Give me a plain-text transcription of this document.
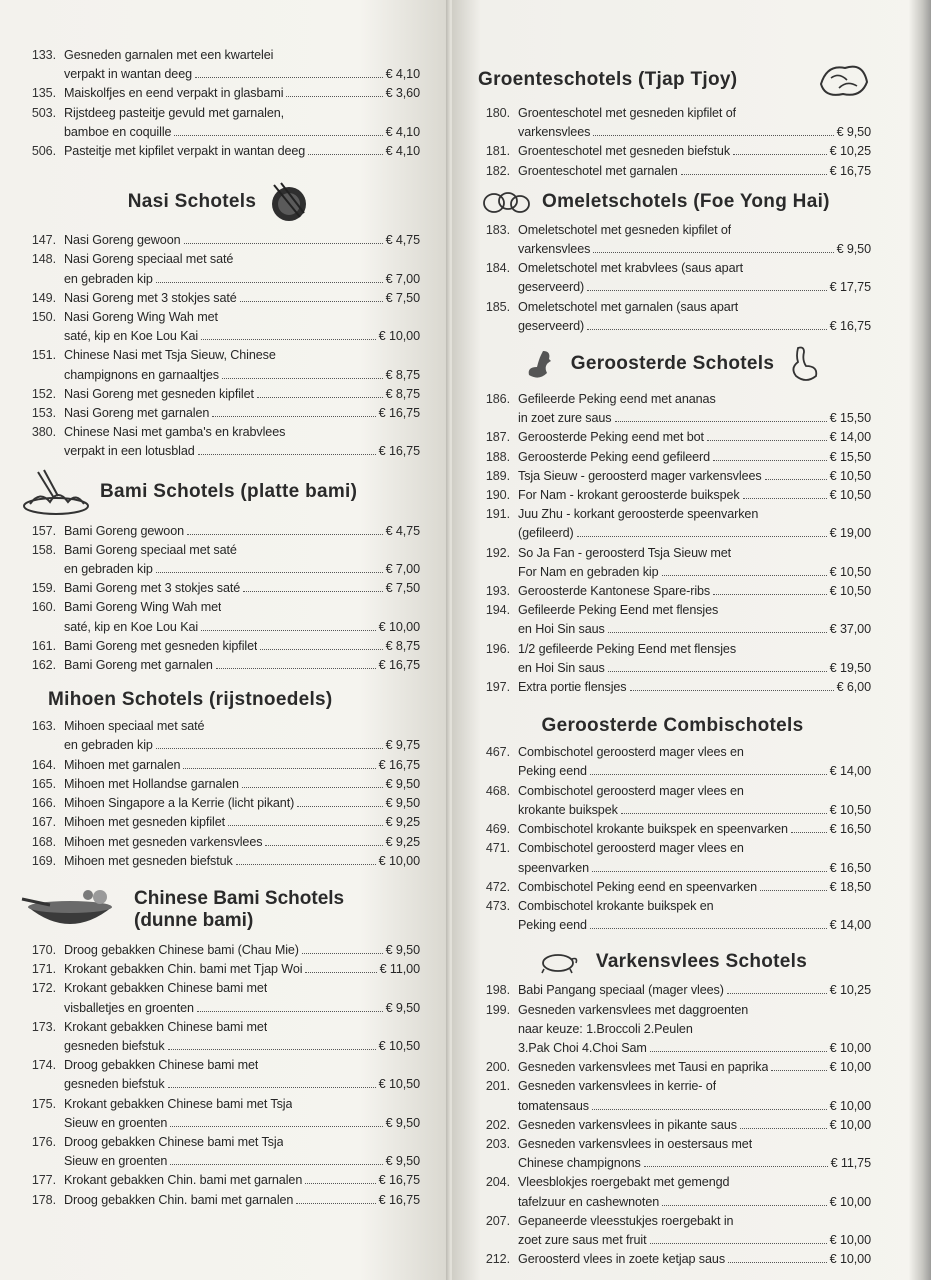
133. Gesneden garnalen met een kwartelei
verpakt in wantan deeg	€ 4,10
135. Maiskolfjes en eend verpakt in glasbami	€ 3,60
503. Rijstdeeg pasteitje gevuld met garnalen,
bamboe en coquille	€ 4,10
506. Pasteitje met kipfilet verpakt in wantan deeg	€ 4,10
Nasi Schotels
147. Nasi Goreng gewoon	€ 4,75
148. Nasi Goreng speciaal met saté
en gebraden kip	€ 7,00
149. Nasi Goreng met 3 stokjes saté	€ 7,50
150. Nasi Goreng Wing Wah met
saté, kip en Koe Lou Kai	€ 10,00
151. Chinese Nasi met Tsja Sieuw, Chinese
champignons en garnaaltjes	€ 8,75
152. Nasi Goreng met gesneden kipfilet	€ 8,75
153. Nasi Goreng met garnalen	€ 16,75
380. Chinese Nasi met gamba's en krabvlees
verpakt in een lotusblad	€ 16,75
Bami Schotels (platte bami)
157. Bami Goreng gewoon	€ 4,75
158. Bami Goreng speciaal met saté
en gebraden kip	€ 7,00
159. Bami Goreng met 3 stokjes saté	€ 7,50
160. Bami Goreng Wing Wah met
saté, kip en Koe Lou Kai	€ 10,00
161. Bami Goreng met gesneden kipfilet	€ 8,75
162. Bami Goreng met garnalen	€ 16,75
Mihoen Schotels (rijstnoedels)
163. Mihoen speciaal met saté
en gebraden kip	€ 9,75
164. Mihoen met garnalen	€ 16,75
165. Mihoen met Hollandse garnalen	€ 9,50
166. Mihoen Singapore a la Kerrie (licht pikant)	€ 9,50
167. Mihoen met gesneden kipfilet	€ 9,25
168. Mihoen met gesneden varkensvlees	€ 9,25
169. Mihoen met gesneden biefstuk	€ 10,00
Chinese Bami Schotels
(dunne bami)
170. Droog gebakken Chinese bami (Chau Mie)	€ 9,50
171. Krokant gebakken Chin. bami met Tjap Woi	€ 11,00
172. Krokant gebakken Chinese bami met
visballetjes en groenten	€ 9,50
173. Krokant gebakken Chinese bami met
gesneden biefstuk	€ 10,50
174. Droog gebakken Chinese bami met
gesneden biefstuk	€ 10,50
175. Krokant gebakken Chinese bami met Tsja
Sieuw en groenten	€ 9,50
176. Droog gebakken Chinese bami met Tsja
Sieuw en groenten	€ 9,50
177. Krokant gebakken Chin. bami met garnalen	€ 16,75
178. Droog gebakken Chin. bami met garnalen	€ 16,75
Groenteschotels (Tjap Tjoy)
180. Groenteschotel met gesneden kipfilet of
varkensvlees	€ 9,50
181. Groenteschotel met gesneden biefstuk	€ 10,25
182. Groenteschotel met garnalen	€ 16,75
Omeletschotels (Foe Yong Hai)
183. Omeletschotel met gesneden kipfilet of
varkensvlees	€ 9,50
184. Omeletschotel met krabvlees (saus apart
geserveerd)	€ 17,75
185. Omeletschotel met garnalen (saus apart
geserveerd)	€ 16,75
Geroosterde Schotels
186. Gefileerde Peking eend met ananas
in zoet zure saus	€ 15,50
187. Geroosterde Peking eend met bot	€ 14,00
188. Geroosterde Peking eend gefileerd	€ 15,50
189. Tsja Sieuw - geroosterd mager varkensvlees	€ 10,50
190. For Nam - krokant geroosterde buikspek	€ 10,50
191. Juu Zhu - korkant geroosterde speenvarken
(gefileerd)	€ 19,00
192. So Ja Fan - geroosterd Tsja Sieuw met
For Nam en gebraden kip	€ 10,50
193. Geroosterde Kantonese Spare-ribs	€ 10,50
194. Gefileerde Peking Eend met flensjes
en Hoi Sin saus	€ 37,00
196. 1/2 gefileerde Peking Eend met flensjes
en Hoi Sin saus	€ 19,50
197. Extra portie flensjes	€ 6,00
Geroosterde Combischotels
467. Combischotel geroosterd mager vlees en
Peking eend	€ 14,00
468. Combischotel geroosterd mager vlees en
krokante buikspek	€ 10,50
469. Combischotel krokante buikspek en speenvarken	€ 16,50
471. Combischotel geroosterd mager vlees en
speenvarken	€ 16,50
472. Combischotel Peking eend en speenvarken	€ 18,50
473. Combischotel krokante buikspek en
Peking eend	€ 14,00
Varkensvlees Schotels
198. Babi Pangang speciaal (mager vlees)	€ 10,25
199. Gesneden varkensvlees met daggroenten
naar keuze: 1.Broccoli 2.Peulen
3.Pak Choi 4.Choi Sam	€ 10,00
200. Gesneden varkensvlees met Tausi en paprika	€ 10,00
201. Gesneden varkensvlees in kerrie- of
tomatensaus	€ 10,00
202. Gesneden varkensvlees in pikante saus	€ 10,00
203. Gesneden varkensvlees in oestersaus met
Chinese champignons	€ 11,75
204. Vleesblokjes roergebakt met gemengd
tafelzuur en cashewnoten	€ 10,00
207. Gepaneerde vleesstukjes roergebakt in
zoet zure saus met fruit	€ 10,00
212. Geroosterd vlees in zoete ketjap saus	€ 10,00
